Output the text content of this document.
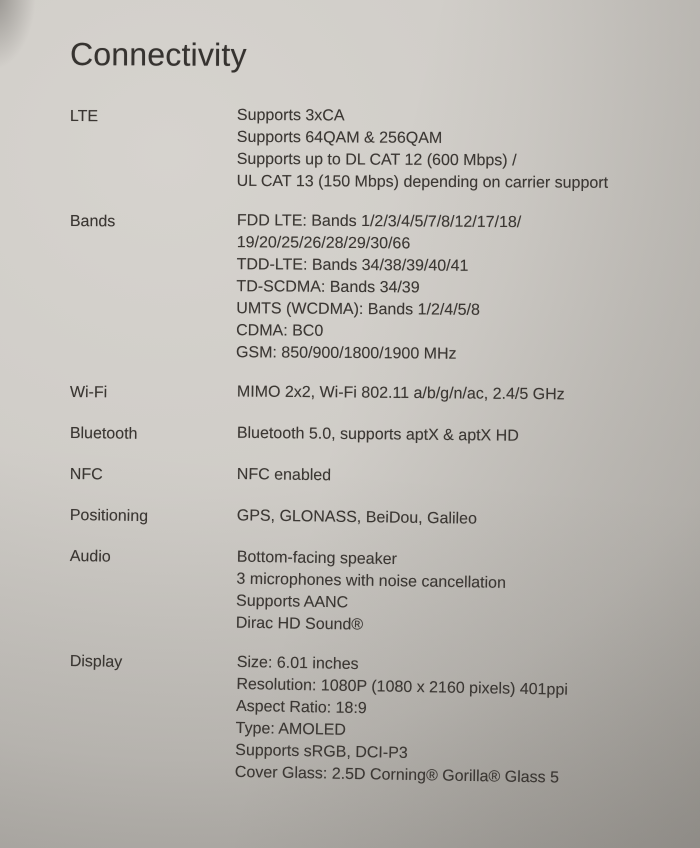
Connectivity
LTE	Supports 3xCA
Supports 64QAM & 256QAM
Supports up to DL CAT 12 (600 Mbps) /
UL CAT 13 (150 Mbps) depending on carrier support
Bands	FDD LTE: Bands 1/2/3/4/5/7/8/12/17/18/
19/20/25/26/28/29/30/66
TDD-LTE: Bands 34/38/39/40/41
TD-SCDMA: Bands 34/39
UMTS (WCDMA): Bands 1/2/4/5/8
CDMA: BC0
GSM: 850/900/1800/1900 MHz
Wi-Fi	MIMO 2x2, Wi-Fi 802.11 a/b/g/n/ac, 2.4/5 GHz
Bluetooth	Bluetooth 5.0, supports aptX & aptX HD
NFC	NFC enabled
Positioning	GPS, GLONASS, BeiDou, Galileo
Audio	Bottom-facing speaker
3 microphones with noise cancellation
Supports AANC
Dirac HD Sound®
Display	Size: 6.01 inches
Resolution: 1080P (1080 x 2160 pixels) 401ppi
Aspect Ratio: 18:9
Type: AMOLED
Supports sRGB, DCI-P3
Cover Glass: 2.5D Corning® Gorilla® Glass 5
